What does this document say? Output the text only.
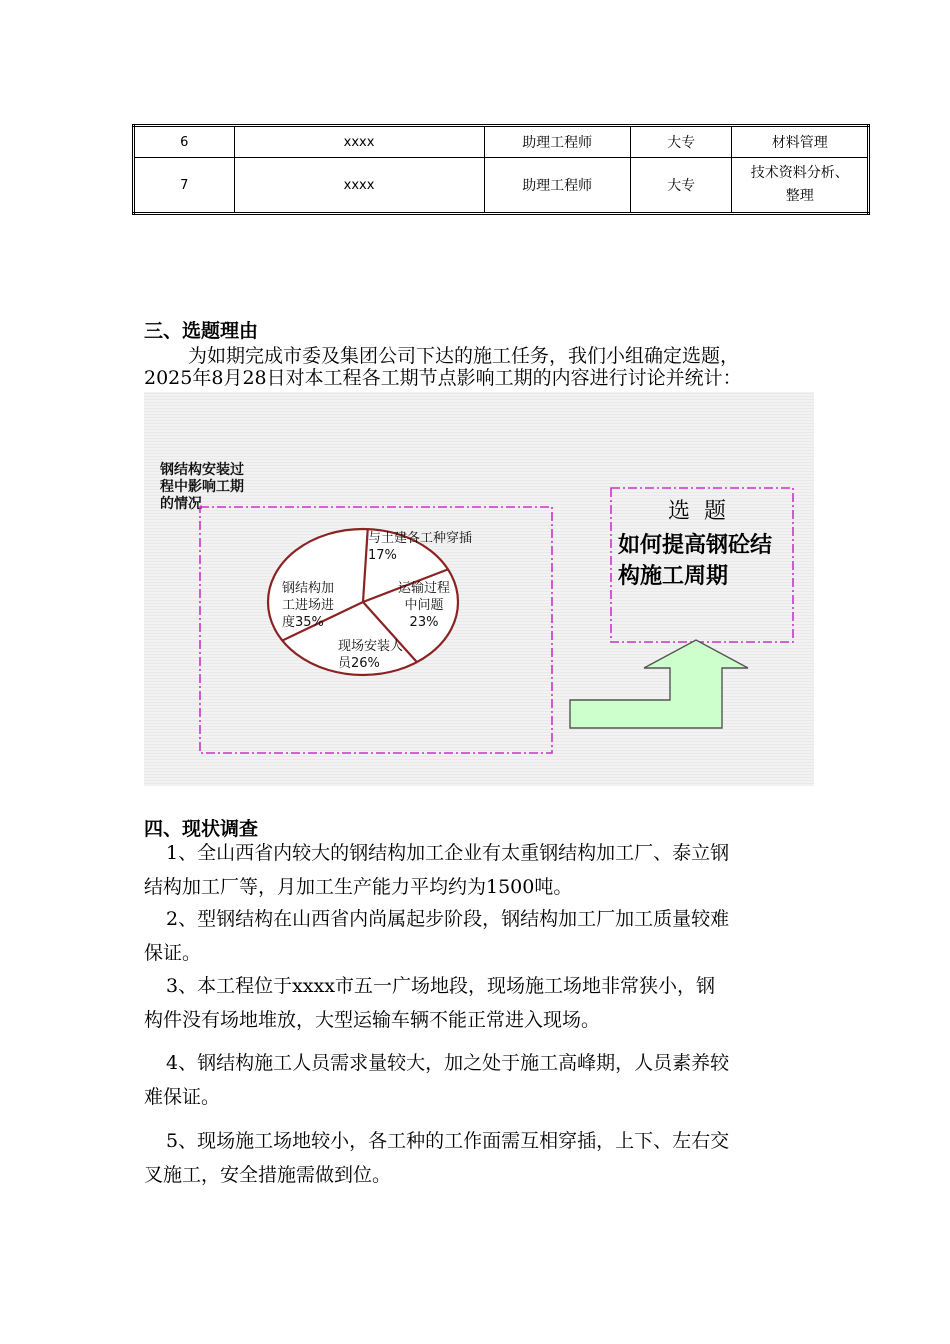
6	xxxx	助理工程师	大专	材料管理
7	xxxx	助理工程师	大专	技术资料分析、
整理
三、选题理由
为如期完成市委及集团公司下达的施工任务，我们小组确定选题，
2025年8月28日对本工程各工期节点影响工期的内容进行讨论并统计：
钢结构安装过
程中影响工期
的情况
与土建各工种穿插
17%
运输过程
中问题
23%
现场安装人
员26%
钢结构加
工进场进
度35%
选题
如何提高钢砼结
构施工周期
四、现状调查
1、全山西省内较大的钢结构加工企业有太重钢结构加工厂、泰立钢
结构加工厂等，月加工生产能力平均约为1500吨。
2、型钢结构在山西省内尚属起步阶段，钢结构加工厂加工质量较难
保证。
3、本工程位于xxxx市五一广场地段，现场施工场地非常狭小，钢
构件没有场地堆放，大型运输车辆不能正常进入现场。
4、钢结构施工人员需求量较大，加之处于施工高峰期，人员素养较
难保证。
5、现场施工场地较小，各工种的工作面需互相穿插，上下、左右交
叉施工，安全措施需做到位。
